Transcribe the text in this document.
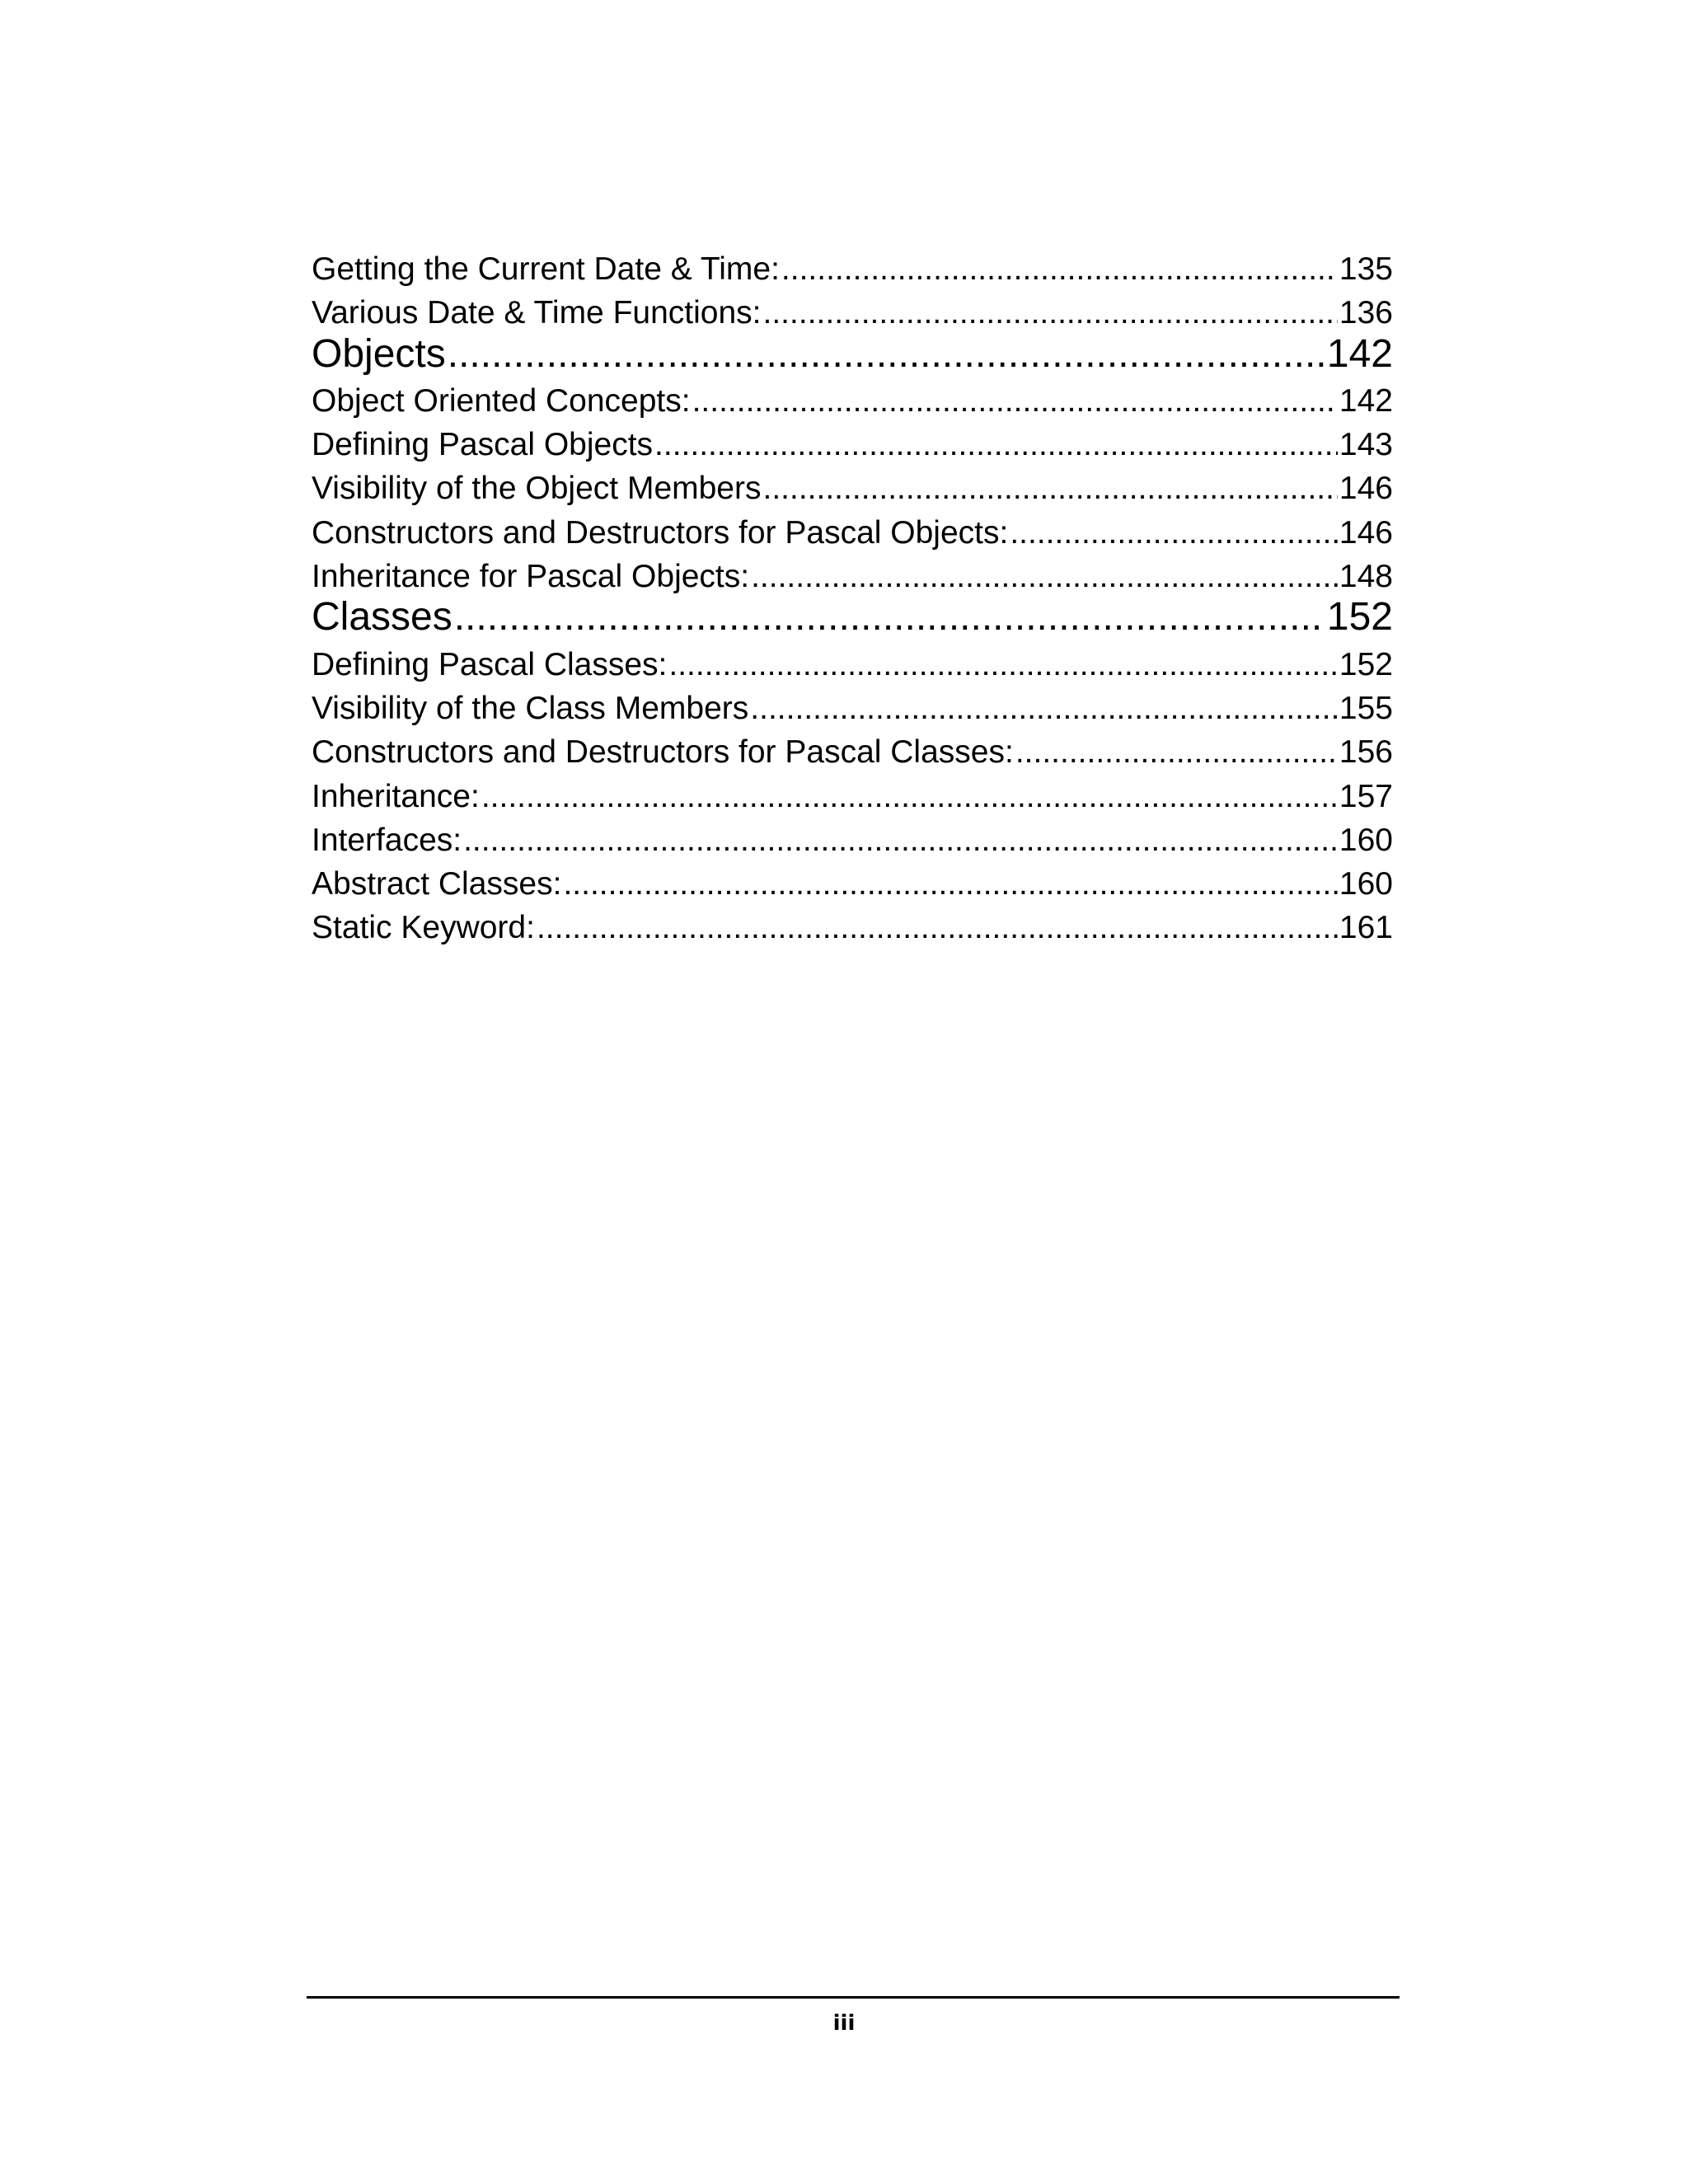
Getting the Current Date & Time: .....	135
Various Date & Time Functions: .....	136
Objects .....	142
Object Oriented Concepts: .....	142
Defining Pascal Objects .....	143
Visibility of the Object Members .....	146
Constructors and Destructors for Pascal Objects: .....	146
Inheritance for Pascal Objects: .....	148
Classes .....	152
Defining Pascal Classes: .....	152
Visibility of the Class Members .....	155
Constructors and Destructors for Pascal Classes: .....	156
Inheritance: .....	157
Interfaces: .....	160
Abstract Classes: .....	160
Static Keyword: .....	161
iii
